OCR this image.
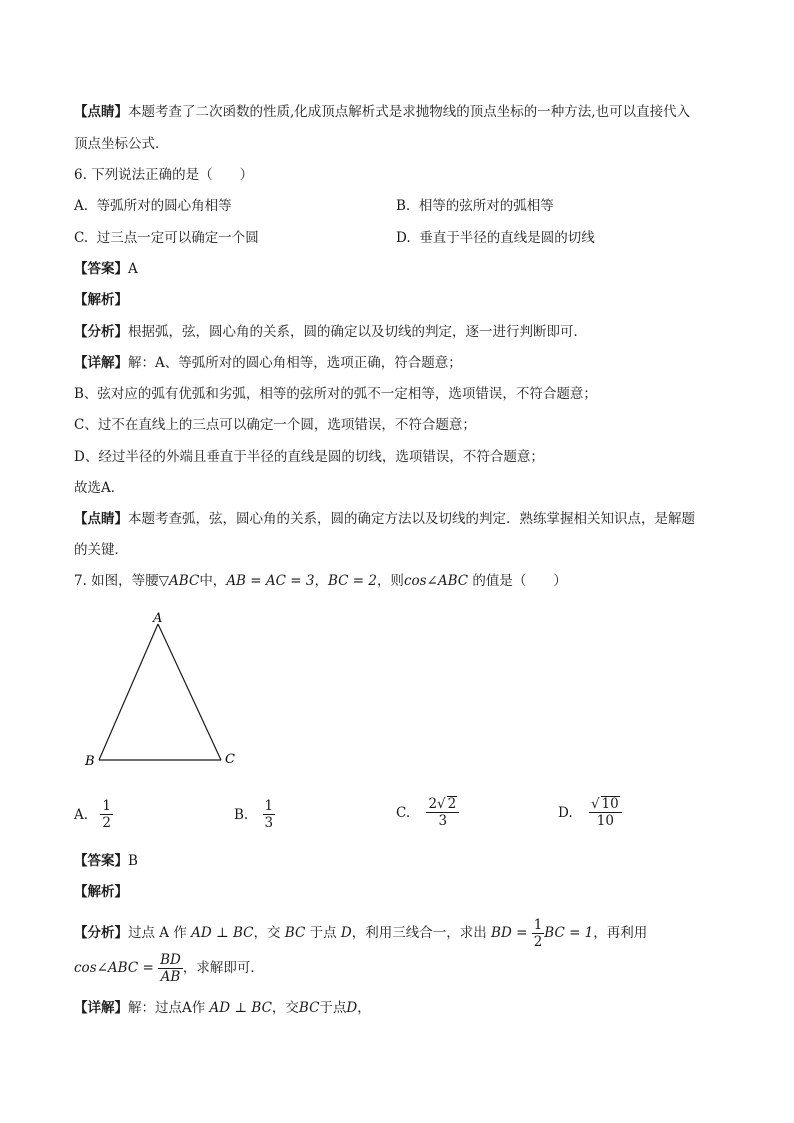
【点睛】本题考查了二次函数的性质,化成顶点解析式是求抛物线的顶点坐标的一种方法,也可以直接代入
顶点坐标公式．
6. 下列说法正确的是（　　）
A. 等弧所对的圆心角相等	B. 相等的弦所对的弧相等
C. 过三点一定可以确定一个圆	D. 垂直于半径的直线是圆的切线
【答案】A
【解析】
【分析】根据弧，弦，圆心角的关系，圆的确定以及切线的判定，逐一进行判断即可．
【详解】解：A、等弧所对的圆心角相等，选项正确，符合题意；
B、弦对应的弧有优弧和劣弧，相等的弦所对的弧不一定相等，选项错误，不符合题意；
C、过不在直线上的三点可以确定一个圆，选项错误，不符合题意；
D、经过半径的外端且垂直于半径的直线是圆的切线，选项错误，不符合题意；
故选A．
【点睛】本题考查弧，弦，圆心角的关系，圆的确定方法以及切线的判定．熟练掌握相关知识点，是解题
的关键．
7. 如图，等腰▽ABC中，AB = AC = 3，BC = 2，则cos∠ABC 的值是（　　）
A
B	C
A. $\frac{1}{2}$	B. $\frac{1}{3}$	C. $\frac{2√ 2}{3}$	D. $\frac{√ 10}{10}$
【答案】B
【解析】
【分析】过点 A 作 AD ⊥ BC，交 BC 于点 D，利用三线合一，求出 BD = $\frac{1}{2}$ BC = 1，再利用
cos∠ABC = $\frac{BD}{AB}$ ，求解即可．
【详解】解：过点A作 AD ⊥ BC，交BC于点D，
